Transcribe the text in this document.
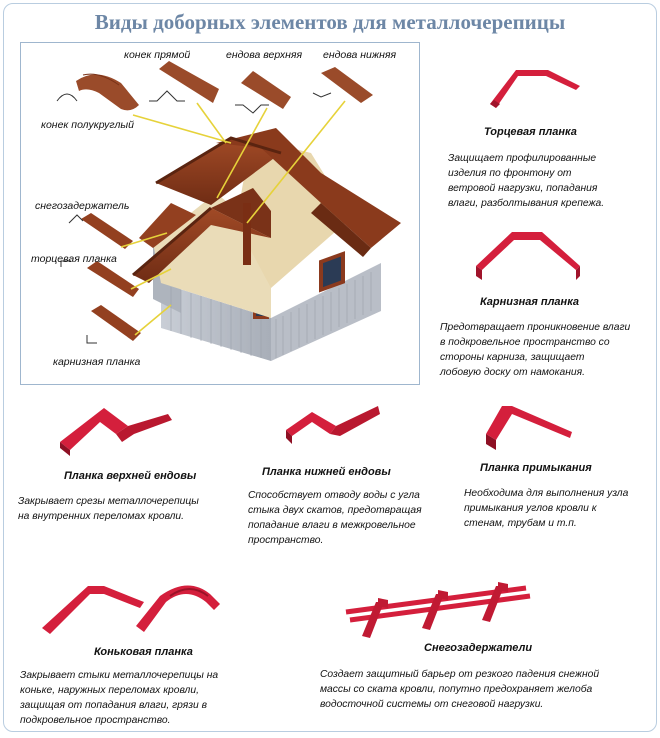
Виды доборных элементов для металлочерепицы
конек прямой	ендова верхняя ендова нижняя
конек полукруглый
снегозадержатель
торцевая планка
карнизная планка
Торцевая планка
Защищает профилированные
изделия по фронтону от
ветровой нагрузки, попадания
влаги, разболтывания крепежа.
Карнизная планка
Предотвращает проникновение влаги
в подкровельное пространство со
стороны карниза, защищает
лобовую доску от намокания.
Планка верхней ендовы
Закрывает срезы металлочерепицы
на внутренних переломах кровли.
Планка нижней ендовы
Способствует отводу воды с угла
стыка двух скатов, предотвращая
попадание влаги в межкровельное
пространство.
Планка примыкания
Необходима для выполнения узла
примыкания углов кровли к
стенам, трубам и т.п.
Коньковая планка
Закрывает стыки металлочерепицы на
коньке, наружных переломах кровли,
защищая от попадания влаги, грязи в
подкровельное пространство.
Снегозадержатели
Создает защитный барьер от резкого падения снежной
массы со ската кровли, попутно предохраняет желоба
водосточной системы от снеговой нагрузки.
